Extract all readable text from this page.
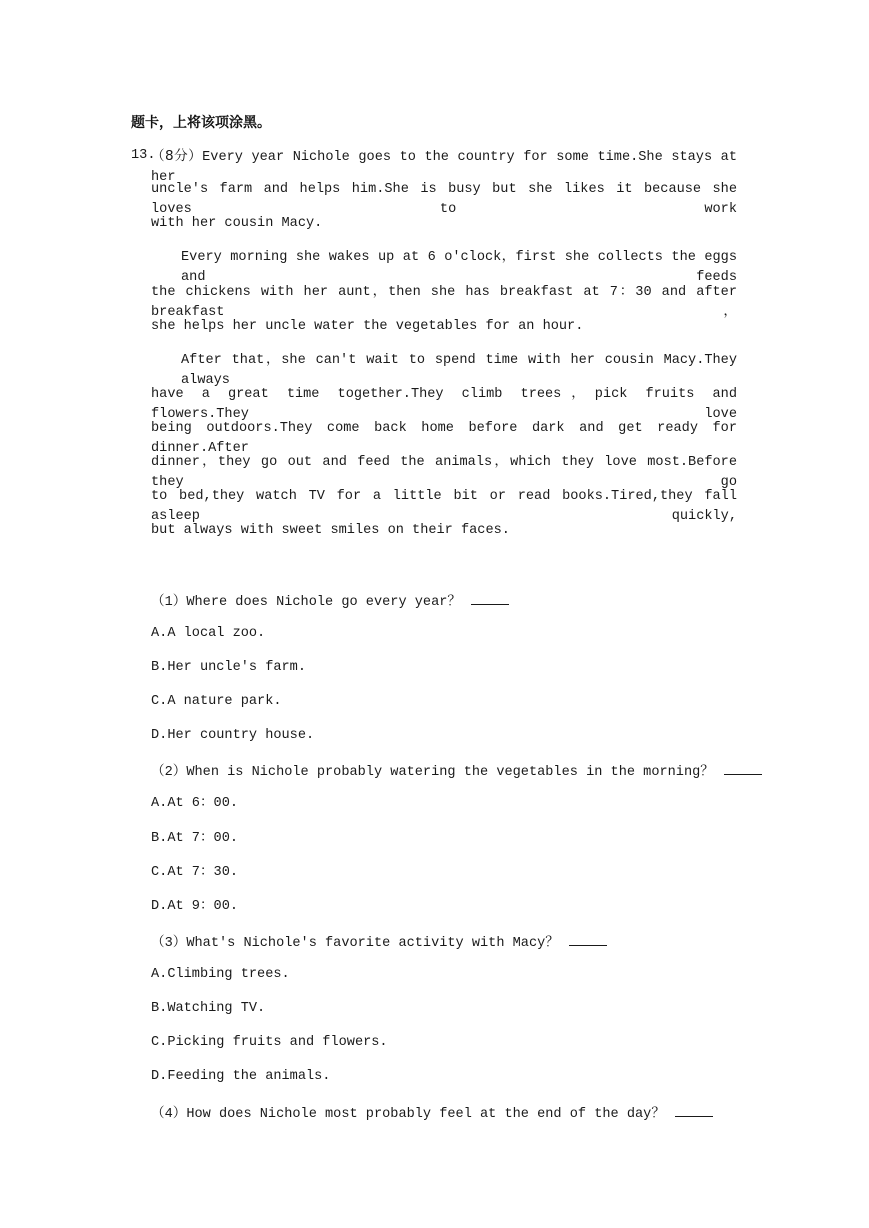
题卡，上将该项涂黑。
13.
（8分）Every year Nichole goes to the country for some time.She stays at her
uncle's farm and helps him.She is busy but she likes it because she loves to work
with her cousin Macy.
Every morning she wakes up at 6 o'clock，first she collects the eggs and feeds
the chickens with her aunt，then she has breakfast at 7：30 and after breakfast，
she helps her uncle water the vegetables for an hour.
After that，she can't wait to spend time with her cousin Macy.They always
have a great time together.They climb trees，pick fruits and flowers.They love
being outdoors.They come back home before dark and get ready for dinner.After
dinner，they go out and feed the animals，which they love most.Before they go
to bed,they watch TV for a little bit or read books.Tired,they fall asleep quickly,
but always with sweet smiles on their faces.
（1）Where does Nichole go every year？
A.A local zoo.
B.Her uncle's farm.
C.A nature park.
D.Her country house.
（2）When is Nichole probably watering the vegetables in the morning？
A.At 6：00.
B.At 7：00.
C.At 7：30.
D.At 9：00.
（3）What's Nichole's favorite activity with Macy？
A.Climbing trees.
B.Watching TV.
C.Picking fruits and flowers.
D.Feeding the animals.
（4）How does Nichole most probably feel at the end of the day？
